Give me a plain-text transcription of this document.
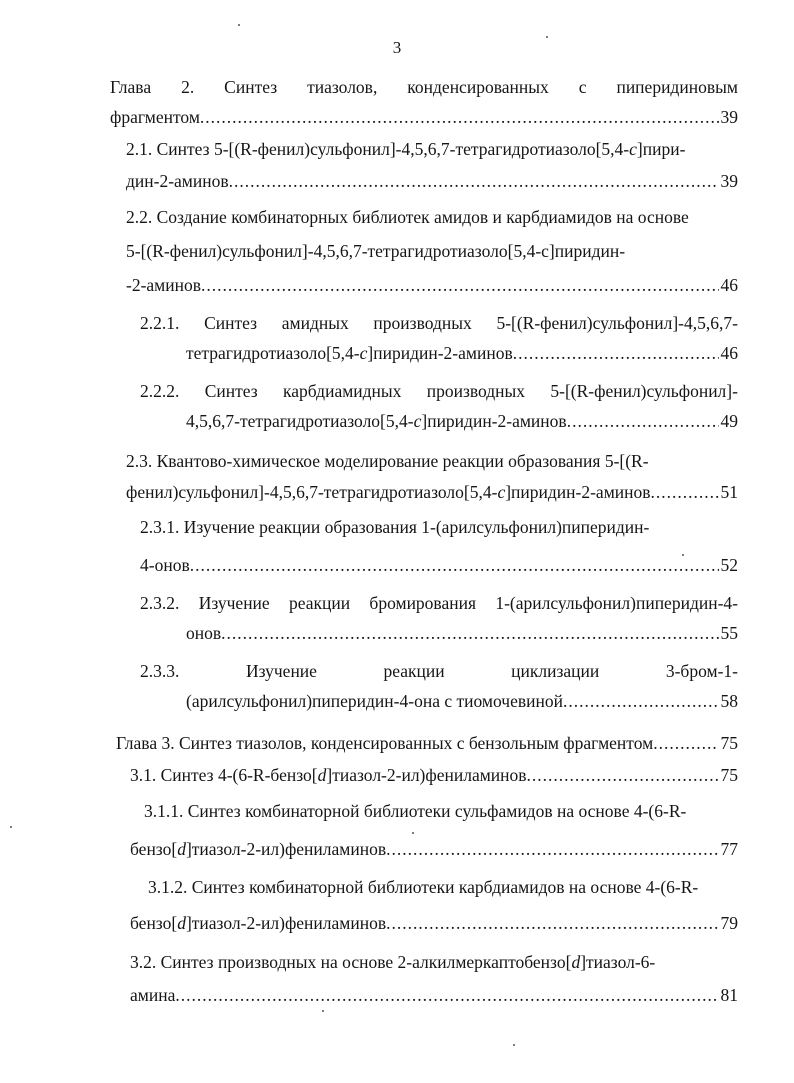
3
Глава 2. Синтез тиазолов, конденсированных с пиперидиновым
фрагментом .....	39
2.1. Синтез 5-[(R-фенил)сульфонил]-4,5,6,7-тетрагидротиазоло[5,4-c]пири-
дин-2-аминов .....	39
2.2. Создание комбинаторных библиотек амидов и карбдиамидов на основе
5-[(R-фенил)сульфонил]-4,5,6,7-тетрагидротиазоло[5,4-c]пиридин-
-2-аминов .....	46
2.2.1. Синтез амидных производных 5-[(R-фенил)сульфонил]-4,5,6,7-
тетрагидротиазоло[5,4-c]пиридин-2-аминов .....	46
2.2.2. Синтез карбдиамидных производных 5-[(R-фенил)сульфонил]-
4,5,6,7-тетрагидротиазоло[5,4-c]пиридин-2-аминов .....	49
2.3. Квантово-химическое моделирование реакции образования 5-[(R-
фенил)сульфонил]-4,5,6,7-тетрагидротиазоло[5,4-c]пиридин-2-аминов .....	51
2.3.1. Изучение реакции образования 1-(арилсульфонил)пиперидин-
4-онов .....	52
2.3.2. Изучение реакции бромирования 1-(арилсульфонил)пиперидин-4-
онов .....	55
2.3.3.	Изучение	реакции	циклизации	3-бром-1-
(арилсульфонил)пиперидин-4-она с тиомочевиной .....	58
Глава 3. Синтез тиазолов, конденсированных с бензольным фрагментом .....	75
3.1. Синтез 4-(6-R-бензо[d]тиазол-2-ил)фениламинов .....	75
3.1.1. Синтез комбинаторной библиотеки сульфамидов на основе 4-(6-R-
бензо[d]тиазол-2-ил)фениламинов .....	77
3.1.2. Синтез комбинаторной библиотеки карбдиамидов на основе 4-(6-R-
бензо[d]тиазол-2-ил)фениламинов .....	79
3.2. Синтез производных на основе 2-алкилмеркаптобензо[d]тиазол-6-
амина .....	81
